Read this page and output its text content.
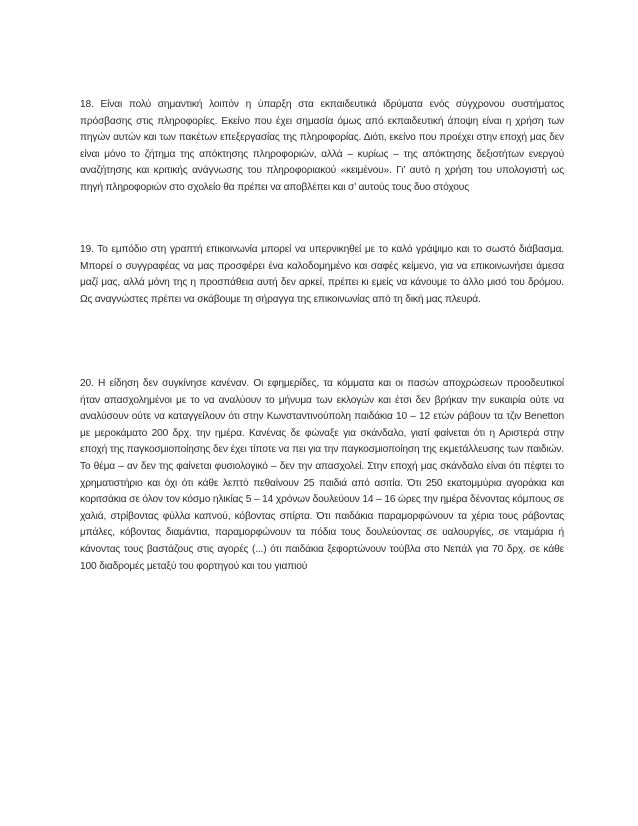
18. Είναι πολύ σημαντική λοιπόν η ύπαρξη στα εκπαιδευτικά ιδρύματα ενός σύγχρονου συστήματος πρόσβασης στις πληροφορίες. Εκείνο που έχει σημασία όμως από εκπαιδευτική άποψη είναι η χρήση των πηγών αυτών και των πακέτων επεξεργασίας της πληροφορίας. Διότι, εκείνο που προέχει στην εποχή μας δεν είναι μόνο το ζήτημα της απόκτησης πληροφοριών, αλλά – κυρίως – της απόκτησης δεξιοτήτων ενεργού αναζήτησης και κριτικής ανάγνωσης του πληροφοριακού «κειμένου». Γι’ αυτό η χρήση του υπολογιστή ως πηγή πληροφοριών στο σχολείο θα πρέπει να αποβλέπει και σ’ αυτούς τους δυο στόχους

19. Το εμπόδιο στη γραπτή επικοινωνία μπορεί να υπερνικηθεί με το καλό γράψιμο και το σωστό διάβασμα. Μπορεί ο συγγραφέας να μας προσφέρει ένα καλοδομημένο και σαφές κείμενο, για να επικοινωνήσει άμεσα μαζί μας, αλλά μόνη της η προσπάθεια αυτή δεν αρκεί, πρέπει κι εμείς να κάνουμε το άλλο μισό του δρόμου. Ως αναγνώστες πρέπει να σκάβουμε τη σήραγγα της επικοινωνίας από τη δική μας πλευρά.

20. Η είδηση δεν συγκίνησε κανέναν. Οι εφημερίδες, τα κόμματα και οι πασών αποχρώσεων προοδευτικοί ήταν απασχολημένοι με το να αναλύουν το μήνυμα των εκλογών και έτσι δεν βρήκαν την ευκαιρία ούτε να αναλύσουν ούτε να καταγγείλουν ότι στην Κωνσταντινούπολη παιδάκια 10 – 12 ετών ράβουν τα τζιν Benetton με μεροκάματο 200 δρχ. την ημέρα. Κανένας δε φώναξε για σκάνδαλο, γιατί φαίνεται ότι η Αριστερά στην εποχή της παγκοσμιοποίησης δεν έχει τίποτε να πει για την παγκοσμιοποίηση της εκμετάλλευσης των παιδιών. Το θέμα – αν δεν της φαίνεται φυσιολογικό – δεν την απασχολεί. Στην εποχή μας σκάνδαλο είναι ότι πέφτει το χρηματιστήριο και όχι ότι κάθε λεπτό πεθαίνουν 25 παιδιά από ασιτία. Ότι 250 εκατομμύρια αγοράκια και κοριτσάκια σε όλον τον κόσμο ηλικίας 5 – 14 χρόνων δουλεύουν 14 – 16 ώρες την ημέρα δένοντας κόμπους σε χαλιά, στρίβοντας φύλλα καπνού, κόβοντας σπίρτα. Ότι παιδάκια παραμορφώνουν τα χέρια τους ράβοντας μπάλες, κόβοντας διαμάντια, παραμορφώνουν τα πόδια τους δουλεύοντας σε υαλουργίες, σε νταμάρια ή κάνοντας τους βαστάζους στις αγορές (...) ότι παιδάκια ξεφορτώνουν τούβλα στο Νεπάλ για 70 δρχ. σε κάθε 100 διαδρομές μεταξύ του φορτηγού και του γιαπιού
